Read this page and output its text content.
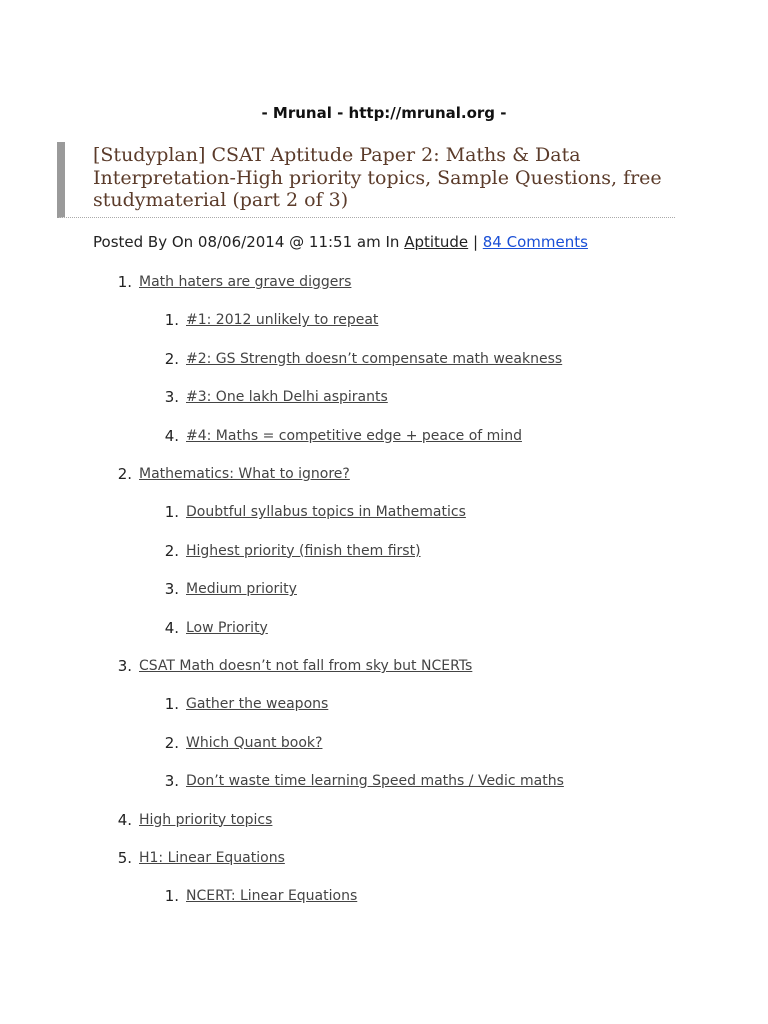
- Mrunal - http://mrunal.org -
[Studyplan] CSAT Aptitude Paper 2: Maths & Data Interpretation-High priority topics, Sample Questions, free studymaterial (part 2 of 3)
Posted By On 08/06/2014 @ 11:51 am In Aptitude | 84 Comments
1. Math haters are grave diggers
1. #1: 2012 unlikely to repeat
2. #2: GS Strength doesn’t compensate math weakness
3. #3: One lakh Delhi aspirants
4. #4: Maths = competitive edge + peace of mind
2. Mathematics: What to ignore?
1. Doubtful syllabus topics in Mathematics
2. Highest priority (finish them first)
3. Medium priority
4. Low Priority
3. CSAT Math doesn’t not fall from sky but NCERTs
1. Gather the weapons
2. Which Quant book?
3. Don’t waste time learning Speed maths / Vedic maths
4. High priority topics
5. H1: Linear Equations
1. NCERT: Linear Equations
